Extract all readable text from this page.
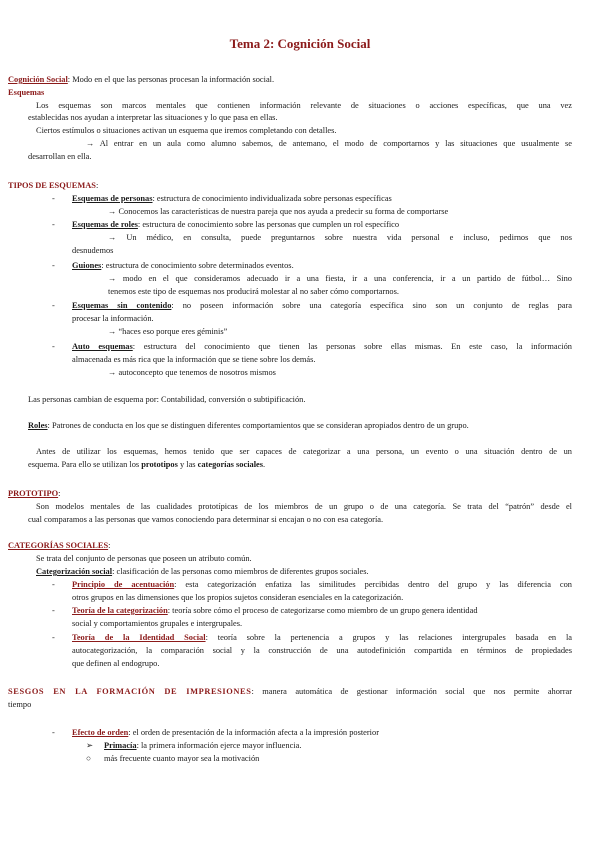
Tema 2: Cognición Social
Cognición Social: Modo en el que las personas procesan la información social.
Esquemas
Los esquemas son marcos mentales que contienen información relevante de situaciones o acciones específicas, que una vez
establecidas nos ayudan a interpretar las situaciones y lo que pasa en ellas.
Ciertos estímulos o situaciones activan un esquema que iremos completando con detalles.
→ Al entrar en un aula como alumno sabemos, de antemano, el modo de comportarnos y las situaciones que usualmente se
desarrollan en ella.
TIPOS DE ESQUEMAS:
- Esquemas de personas: estructura de conocimiento individualizada sobre personas específicas
→ Conocemos las características de nuestra pareja que nos ayuda a predecir su forma de comportarse
- Esquemas de roles: estructura de conocimiento sobre las personas que cumplen un rol específico
→ Un médico, en consulta, puede preguntarnos sobre nuestra vida personal e incluso, pedirnos que nos
desnudemos
- Guiones: estructura de conocimiento sobre determinados eventos.
→ modo en el que consideramos adecuado ir a una fiesta, ir a una conferencia, ir a un partido de fútbol… Sino
tenemos este tipo de esquemas nos producirá molestar al no saber cómo comportarnos.
- Esquemas sin contenido: no poseen información sobre una categoría específica sino son un conjunto de reglas para
procesar la información.
→ “haces eso porque eres géminis”
- Auto esquemas: estructura del conocimiento que tienen las personas sobre ellas mismas. En este caso, la información
almacenada es más rica que la información que se tiene sobre los demás.
→ autoconcepto que tenemos de nosotros mismos
Las personas cambian de esquema por: Contabilidad, conversión o subtipificación.
Roles: Patrones de conducta en los que se distinguen diferentes comportamientos que se consideran apropiados dentro de un grupo.
Antes de utilizar los esquemas, hemos tenido que ser capaces de categorizar a una persona, un evento o una situación dentro de un
esquema. Para ello se utilizan los prototipos y las categorías sociales.
PROTOTIPO:
Son modelos mentales de las cualidades prototípicas de los miembros de un grupo o de una categoría. Se trata del “patrón” desde el
cual comparamos a las personas que vamos conociendo para determinar si encajan o no con esa categoría.
CATEGORÍAS SOCIALES:
Se trata del conjunto de personas que poseen un atributo común.
Categorización social: clasificación de las personas como miembros de diferentes grupos sociales.
- Principio de acentuación: esta categorización enfatiza las similitudes percibidas dentro del grupo y las diferencia con
otros grupos en las dimensiones que los propios sujetos consideran esenciales en la categorización.
- Teoría de la categorización: teoría sobre cómo el proceso de categorizarse como miembro de un grupo genera identidad
social y comportamientos grupales e intergrupales.
- Teoría de la Identidad Social: teoría sobre la pertenencia a grupos y las relaciones intergrupales basada en la
autocategorización, la comparación social y la construcción de una autodefinición compartida en términos de propiedades
que definen al endogrupo.
SESGOS EN LA FORMACIÓN DE IMPRESIONES: manera automática de gestionar información social que nos permite ahorrar
tiempo
- Efecto de orden: el orden de presentación de la información afecta a la impresión posterior
➢ Primacía: la primera información ejerce mayor influencia.
○ más frecuente cuanto mayor sea la motivación
